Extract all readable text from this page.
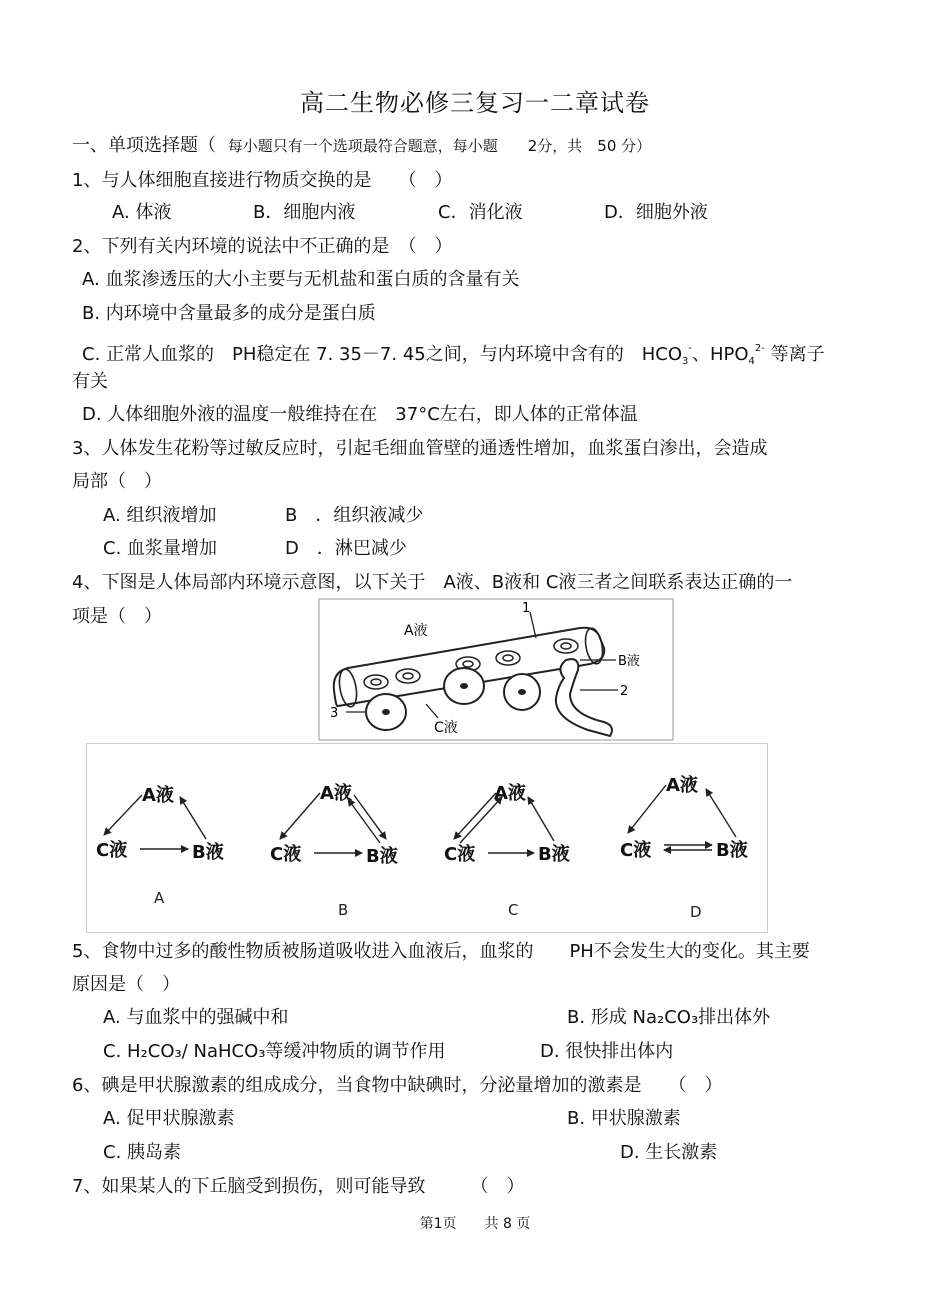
高二生物必修三复习一二章试卷
一、单项选择题（ 每小题只有一个选项最符合题意，每小题　　2分，共　50 分）
1、与人体细胞直接进行物质交换的是　　（　）
A. 体液	B．细胞内液	C．消化液	D．细胞外液
2、下列有关内环境的说法中不正确的是　（　）
A. 血浆渗透压的大小主要与无机盐和蛋白质的含量有关
B. 内环境中含量最多的成分是蛋白质
C. 正常人血浆的　PH稳定在 7. 35－7. 45之间，与内环境中含有的　$HCO_3^-$、$HPO_4^{2-}$ 等离子
有关
D. 人体细胞外液的温度一般维持在在　37°C左右，即人体的正常体温
3、人体发生花粉等过敏反应时，引起毛细血管壁的通透性增加，血浆蛋白渗出，会造成
局部（　）
A. 组织液增加	B　．组织液减少
C. 血浆量增加	D　．淋巴减少
4、下图是人体局部内环境示意图，以下关于　A液、B液和 C液三者之间联系表达正确的一
项是（　）
A液
1
B液
2
3
C液
A液
C液	B液
A液
C液	B液
A液
C液	B液
A液
C液	B液
A
B	C	D
5、食物中过多的酸性物质被肠道吸收进入血液后，血浆的　　PH不会发生大的变化。其主要
原因是（　）
A. 与血浆中的强碱中和	B. 形成 Na₂CO₃排出体外
C. H₂CO₃/ NaHCO₃等缓冲物质的调节作用	D. 很快排出体内
6、碘是甲状腺激素的组成成分，当食物中缺碘时，分泌量增加的激素是　　（　）
A. 促甲状腺激素	B. 甲状腺激素
C. 胰岛素	D. 生长激素
7、如果某人的下丘脑受到损伤，则可能导致　　　（　）
第1页　　共 8 页
